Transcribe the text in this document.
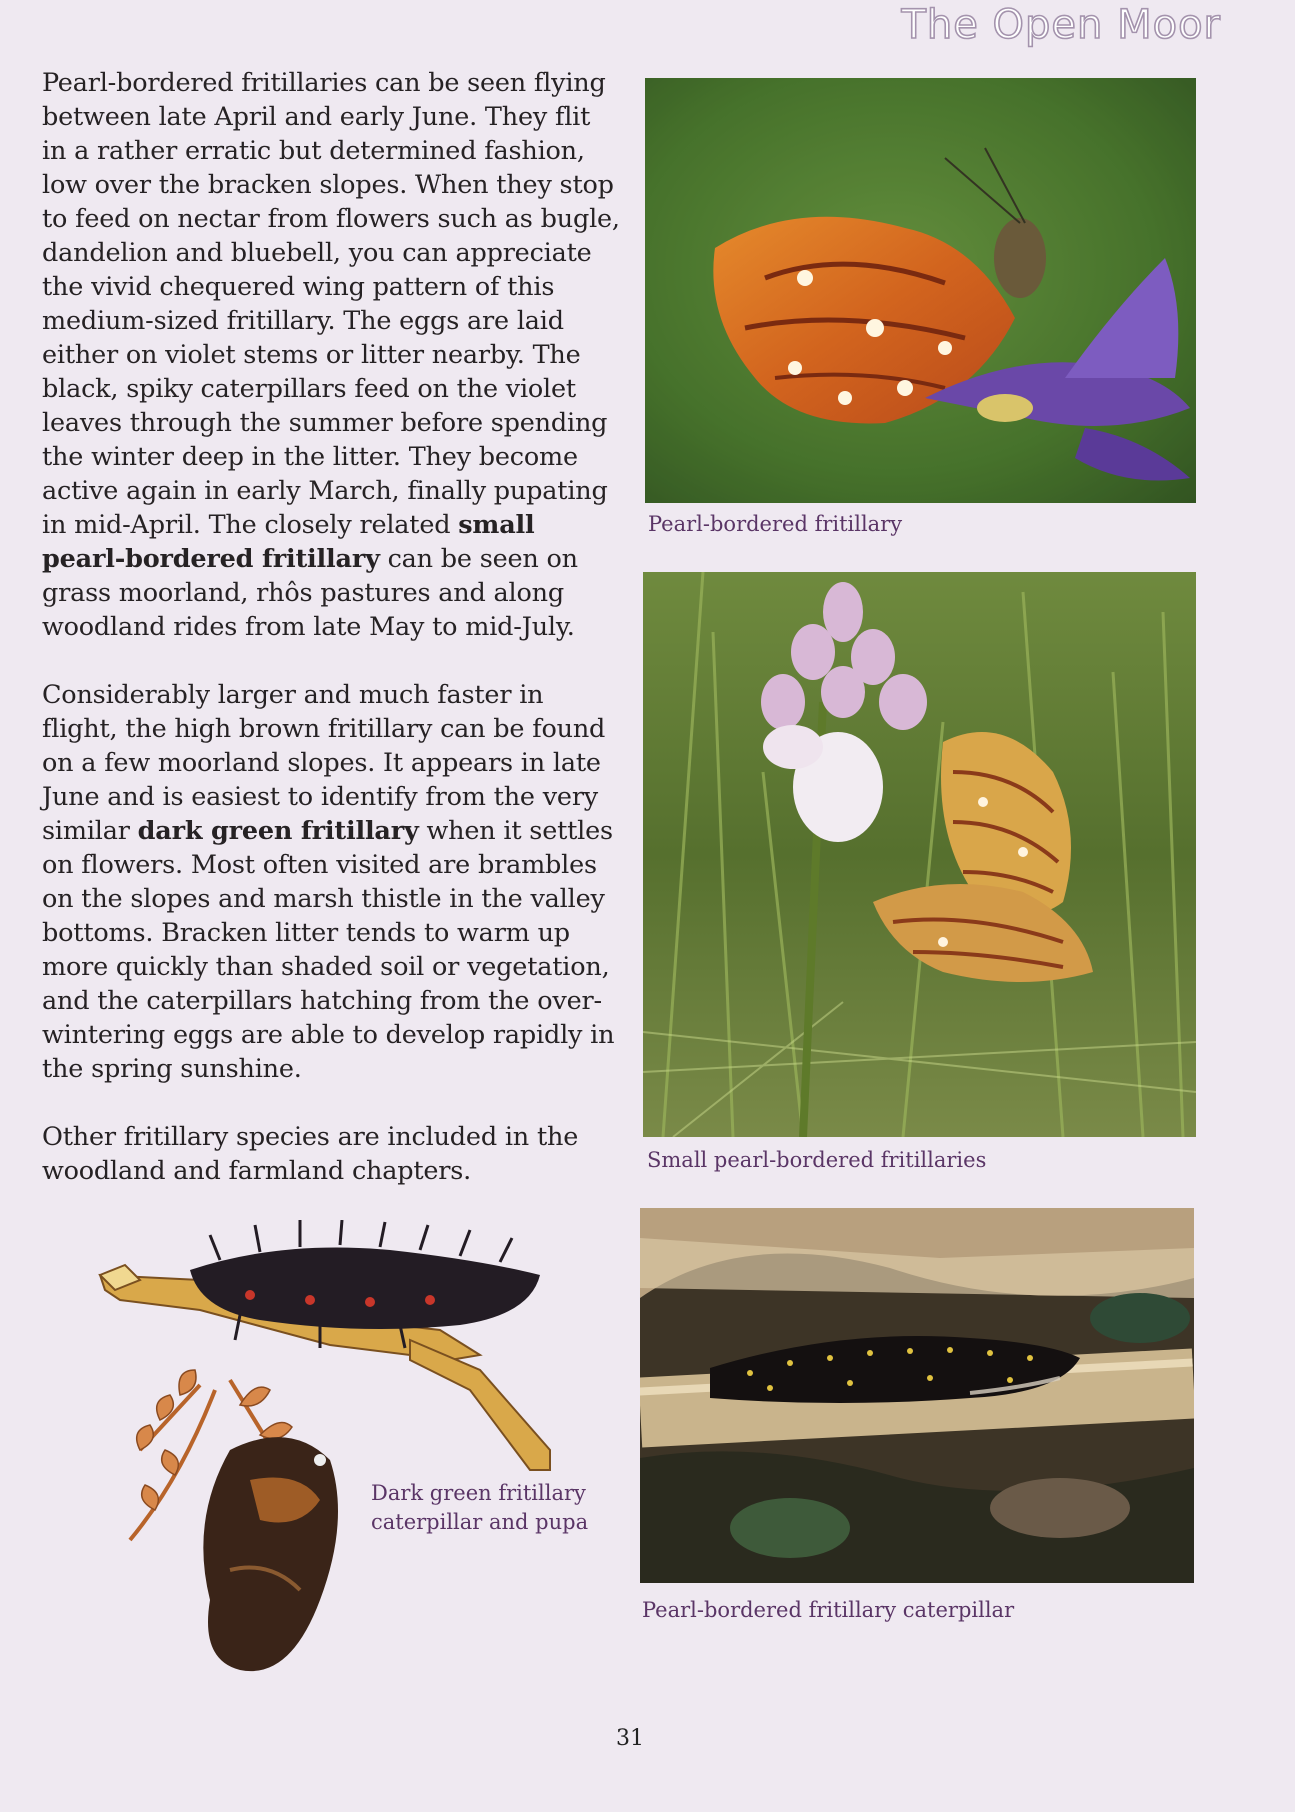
The Open Moor

Pearl-bordered fritillaries can be seen flying between late April and early June. They flit in a rather erratic but determined fashion, low over the bracken slopes. When they stop to feed on nectar from flowers such as bugle, dandelion and bluebell, you can appreciate the vivid chequered wing pattern of this medium-sized fritillary. The eggs are laid either on violet stems or litter nearby. The black, spiky caterpillars feed on the violet leaves through the summer before spending the winter deep in the litter. They become active again in early March, finally pupating in mid-April. The closely related small pearl-bordered fritillary can be seen on grass moorland, rhôs pastures and along woodland rides from late May to mid-July.

Considerably larger and much faster in flight, the high brown fritillary can be found on a few moorland slopes. It appears in late June and is easiest to identify from the very similar dark green fritillary when it settles on flowers. Most often visited are brambles on the slopes and marsh thistle in the valley bottoms. Bracken litter tends to warm up more quickly than shaded soil or vegetation, and the caterpillars hatching from the over-wintering eggs are able to develop rapidly in the spring sunshine.

Other fritillary species are included in the woodland and farmland chapters.

Pearl-bordered fritillary
Small pearl-bordered fritillaries
Pearl-bordered fritillary caterpillar
Dark green fritillary
caterpillar and pupa
31
